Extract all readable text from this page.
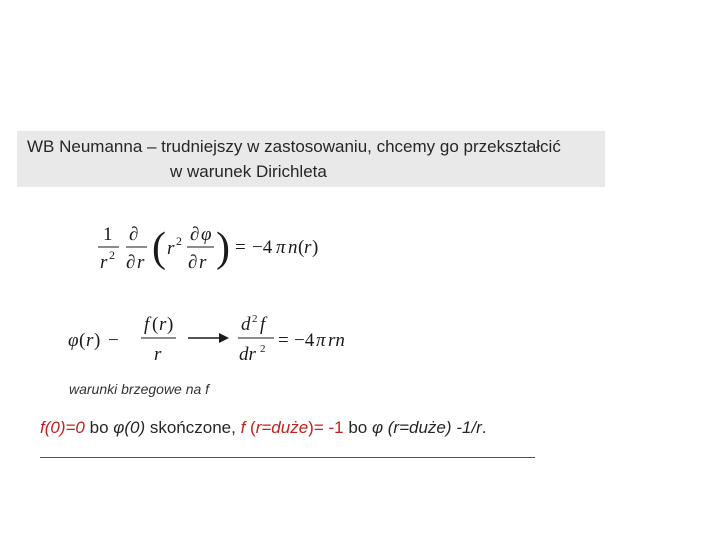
WB Neumanna – trudniejszy w zastosowaniu, chcemy go przekształcić
w warunek Dirichleta
1
r 2
∂
∂ r ( r 2 ∂ φ
∂ r ) = −4 π n ( r )
φ ( r ) −
f ( r )
r
d 2 f
dr 2 = −4 π rn
warunki brzegowe na f
f(0)=0 bo φ(0) skończone, f (r=duże)= -1 bo φ (r=duże) -1/r.
